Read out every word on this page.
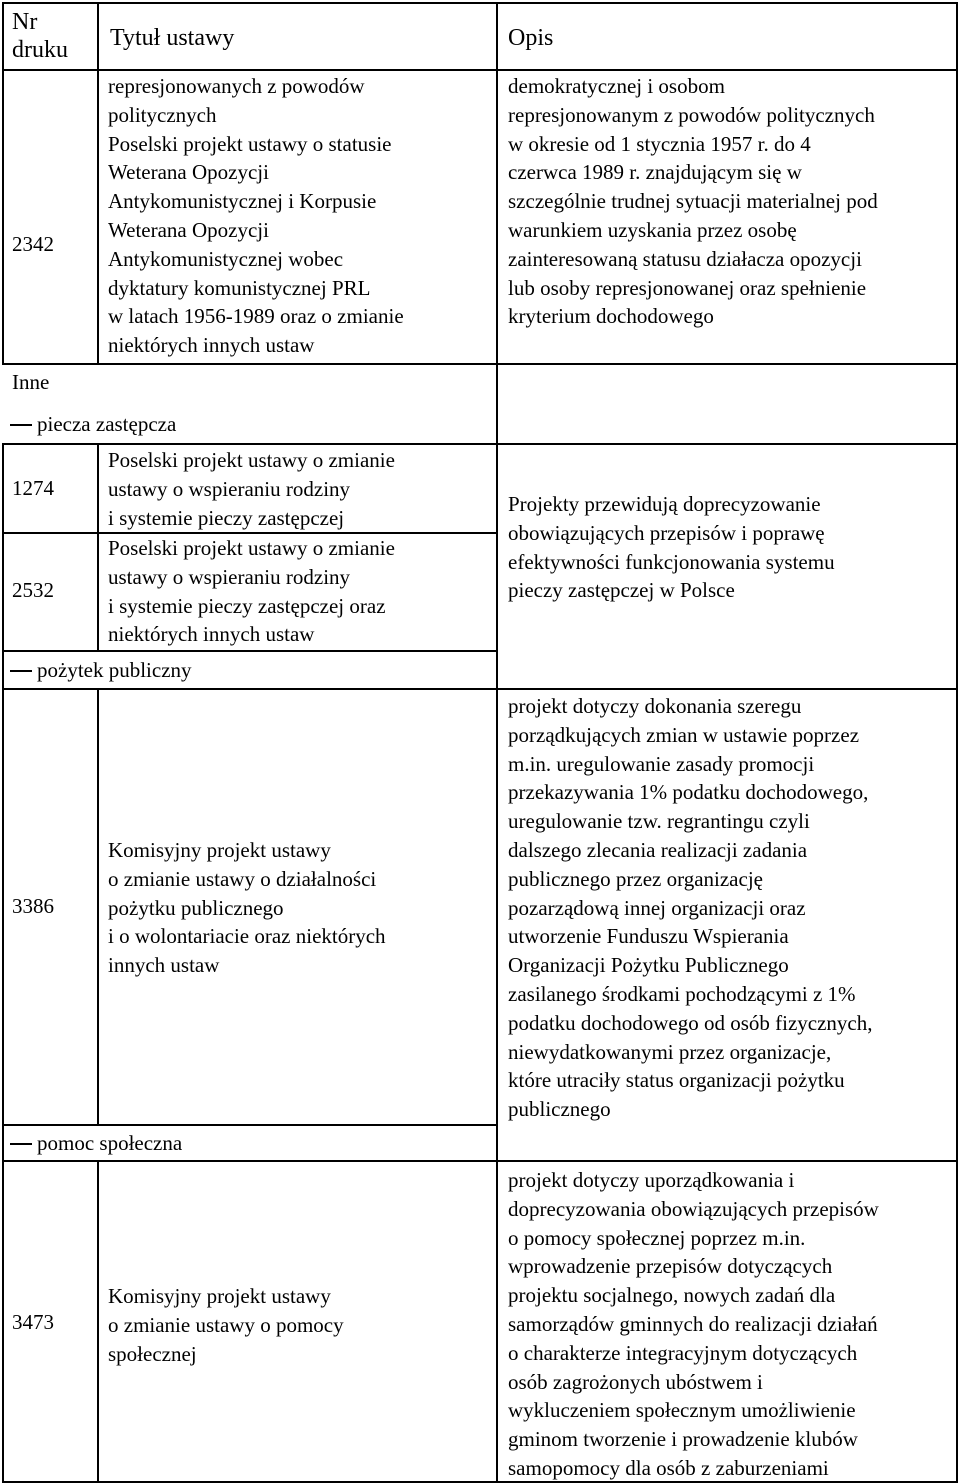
Nr
druku Tytuł ustawy	Opis
2342
represjonowanych z powodów
politycznych
Poselski projekt ustawy o statusie
Weterana Opozycji
Antykomunistycznej i Korpusie
Weterana Opozycji
Antykomunistycznej wobec
dyktatury komunistycznej PRL
w latach 1956-1989 oraz o zmianie
niektórych innych ustaw
demokratycznej i osobom
represjonowanym z powodów politycznych
w okresie od 1 stycznia 1957 r. do 4
czerwca 1989 r. znajdującym się w
szczególnie trudnej sytuacji materialnej pod
warunkiem uzyskania przez osobę
zainteresowaną statusu działacza opozycji
lub osoby represjonowanej oraz spełnienie
kryterium dochodowego
Inne
piecza zastępcza
1274
Poselski projekt ustawy o zmianie
ustawy o wspieraniu rodziny
i systemie pieczy zastępczej
2532
Poselski projekt ustawy o zmianie
ustawy o wspieraniu rodziny
i systemie pieczy zastępczej oraz
niektórych innych ustaw
Projekty przewidują doprecyzowanie
obowiązujących przepisów i poprawę
efektywności funkcjonowania systemu
pieczy zastępczej w Polsce
pożytek publiczny
3386
Komisyjny projekt ustawy
o zmianie ustawy o działalności
pożytku publicznego
i o wolontariacie oraz niektórych
innych ustaw
projekt dotyczy dokonania szeregu
porządkujących zmian w ustawie poprzez
m.in. uregulowanie zasady promocji
przekazywania 1% podatku dochodowego,
uregulowanie tzw. regrantingu czyli
dalszego zlecania realizacji zadania
publicznego przez organizację
pozarządową innej organizacji oraz
utworzenie Funduszu Wspierania
Organizacji Pożytku Publicznego
zasilanego środkami pochodzącymi z 1%
podatku dochodowego od osób fizycznych,
niewydatkowanymi przez organizacje,
które utraciły status organizacji pożytku
publicznego
pomoc społeczna
3473
Komisyjny projekt ustawy
o zmianie ustawy o pomocy
społecznej
projekt dotyczy uporządkowania i
doprecyzowania obowiązujących przepisów
o pomocy społecznej poprzez m.in.
wprowadzenie przepisów dotyczących
projektu socjalnego, nowych zadań dla
samorządów gminnych do realizacji działań
o charakterze integracyjnym dotyczących
osób zagrożonych ubóstwem i
wykluczeniem społecznym umożliwienie
gminom tworzenie i prowadzenie klubów
samopomocy dla osób z zaburzeniami
